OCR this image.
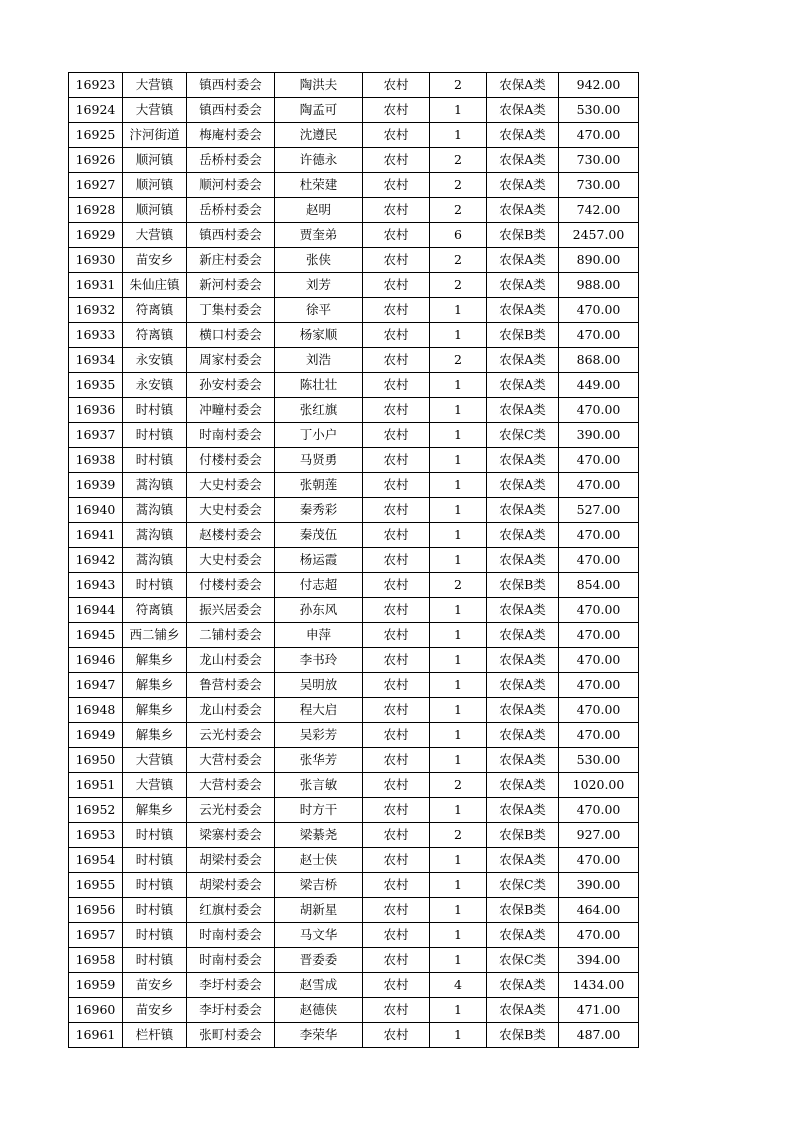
16923	大营镇	镇西村委会	陶洪夫	农村	2	农保A类	942.00
16924	大营镇	镇西村委会	陶孟可	农村	1	农保A类	530.00
16925	汴河街道	梅庵村委会	沈遵民	农村	1	农保A类	470.00
16926	顺河镇	岳桥村委会	许德永	农村	2	农保A类	730.00
16927	顺河镇	顺河村委会	杜荣建	农村	2	农保A类	730.00
16928	顺河镇	岳桥村委会	赵明	农村	2	农保A类	742.00
16929	大营镇	镇西村委会	贾奎弟	农村	6	农保B类	2457.00
16930	苗安乡	新庄村委会	张侠	农村	2	农保A类	890.00
16931	朱仙庄镇	新河村委会	刘芳	农村	2	农保A类	988.00
16932	符离镇	丁集村委会	徐平	农村	1	农保A类	470.00
16933	符离镇	横口村委会	杨家顺	农村	1	农保B类	470.00
16934	永安镇	周家村委会	刘浩	农村	2	农保A类	868.00
16935	永安镇	孙安村委会	陈壮壮	农村	1	农保A类	449.00
16936	时村镇	冲疃村委会	张红旗	农村	1	农保A类	470.00
16937	时村镇	时南村委会	丁小户	农村	1	农保C类	390.00
16938	时村镇	付楼村委会	马贤勇	农村	1	农保A类	470.00
16939	蒿沟镇	大史村委会	张朝莲	农村	1	农保A类	470.00
16940	蒿沟镇	大史村委会	秦秀彩	农村	1	农保A类	527.00
16941	蒿沟镇	赵楼村委会	秦茂伍	农村	1	农保A类	470.00
16942	蒿沟镇	大史村委会	杨运霞	农村	1	农保A类	470.00
16943	时村镇	付楼村委会	付志超	农村	2	农保B类	854.00
16944	符离镇	振兴居委会	孙东风	农村	1	农保A类	470.00
16945	西二铺乡	二铺村委会	申萍	农村	1	农保A类	470.00
16946	解集乡	龙山村委会	李书玲	农村	1	农保A类	470.00
16947	解集乡	鲁营村委会	吴明放	农村	1	农保A类	470.00
16948	解集乡	龙山村委会	程大启	农村	1	农保A类	470.00
16949	解集乡	云光村委会	吴彩芳	农村	1	农保A类	470.00
16950	大营镇	大营村委会	张华芳	农村	1	农保A类	530.00
16951	大营镇	大营村委会	张言敏	农村	2	农保A类	1020.00
16952	解集乡	云光村委会	时方干	农村	1	农保A类	470.00
16953	时村镇	梁寨村委会	梁綦尧	农村	2	农保B类	927.00
16954	时村镇	胡梁村委会	赵士侠	农村	1	农保A类	470.00
16955	时村镇	胡梁村委会	梁吉桥	农村	1	农保C类	390.00
16956	时村镇	红旗村委会	胡新星	农村	1	农保B类	464.00
16957	时村镇	时南村委会	马文华	农村	1	农保A类	470.00
16958	时村镇	时南村委会	晋委委	农村	1	农保C类	394.00
16959	苗安乡	李圩村委会	赵雪成	农村	4	农保A类	1434.00
16960	苗安乡	李圩村委会	赵德侠	农村	1	农保A类	471.00
16961	栏杆镇	张町村委会	李荣华	农村	1	农保B类	487.00
